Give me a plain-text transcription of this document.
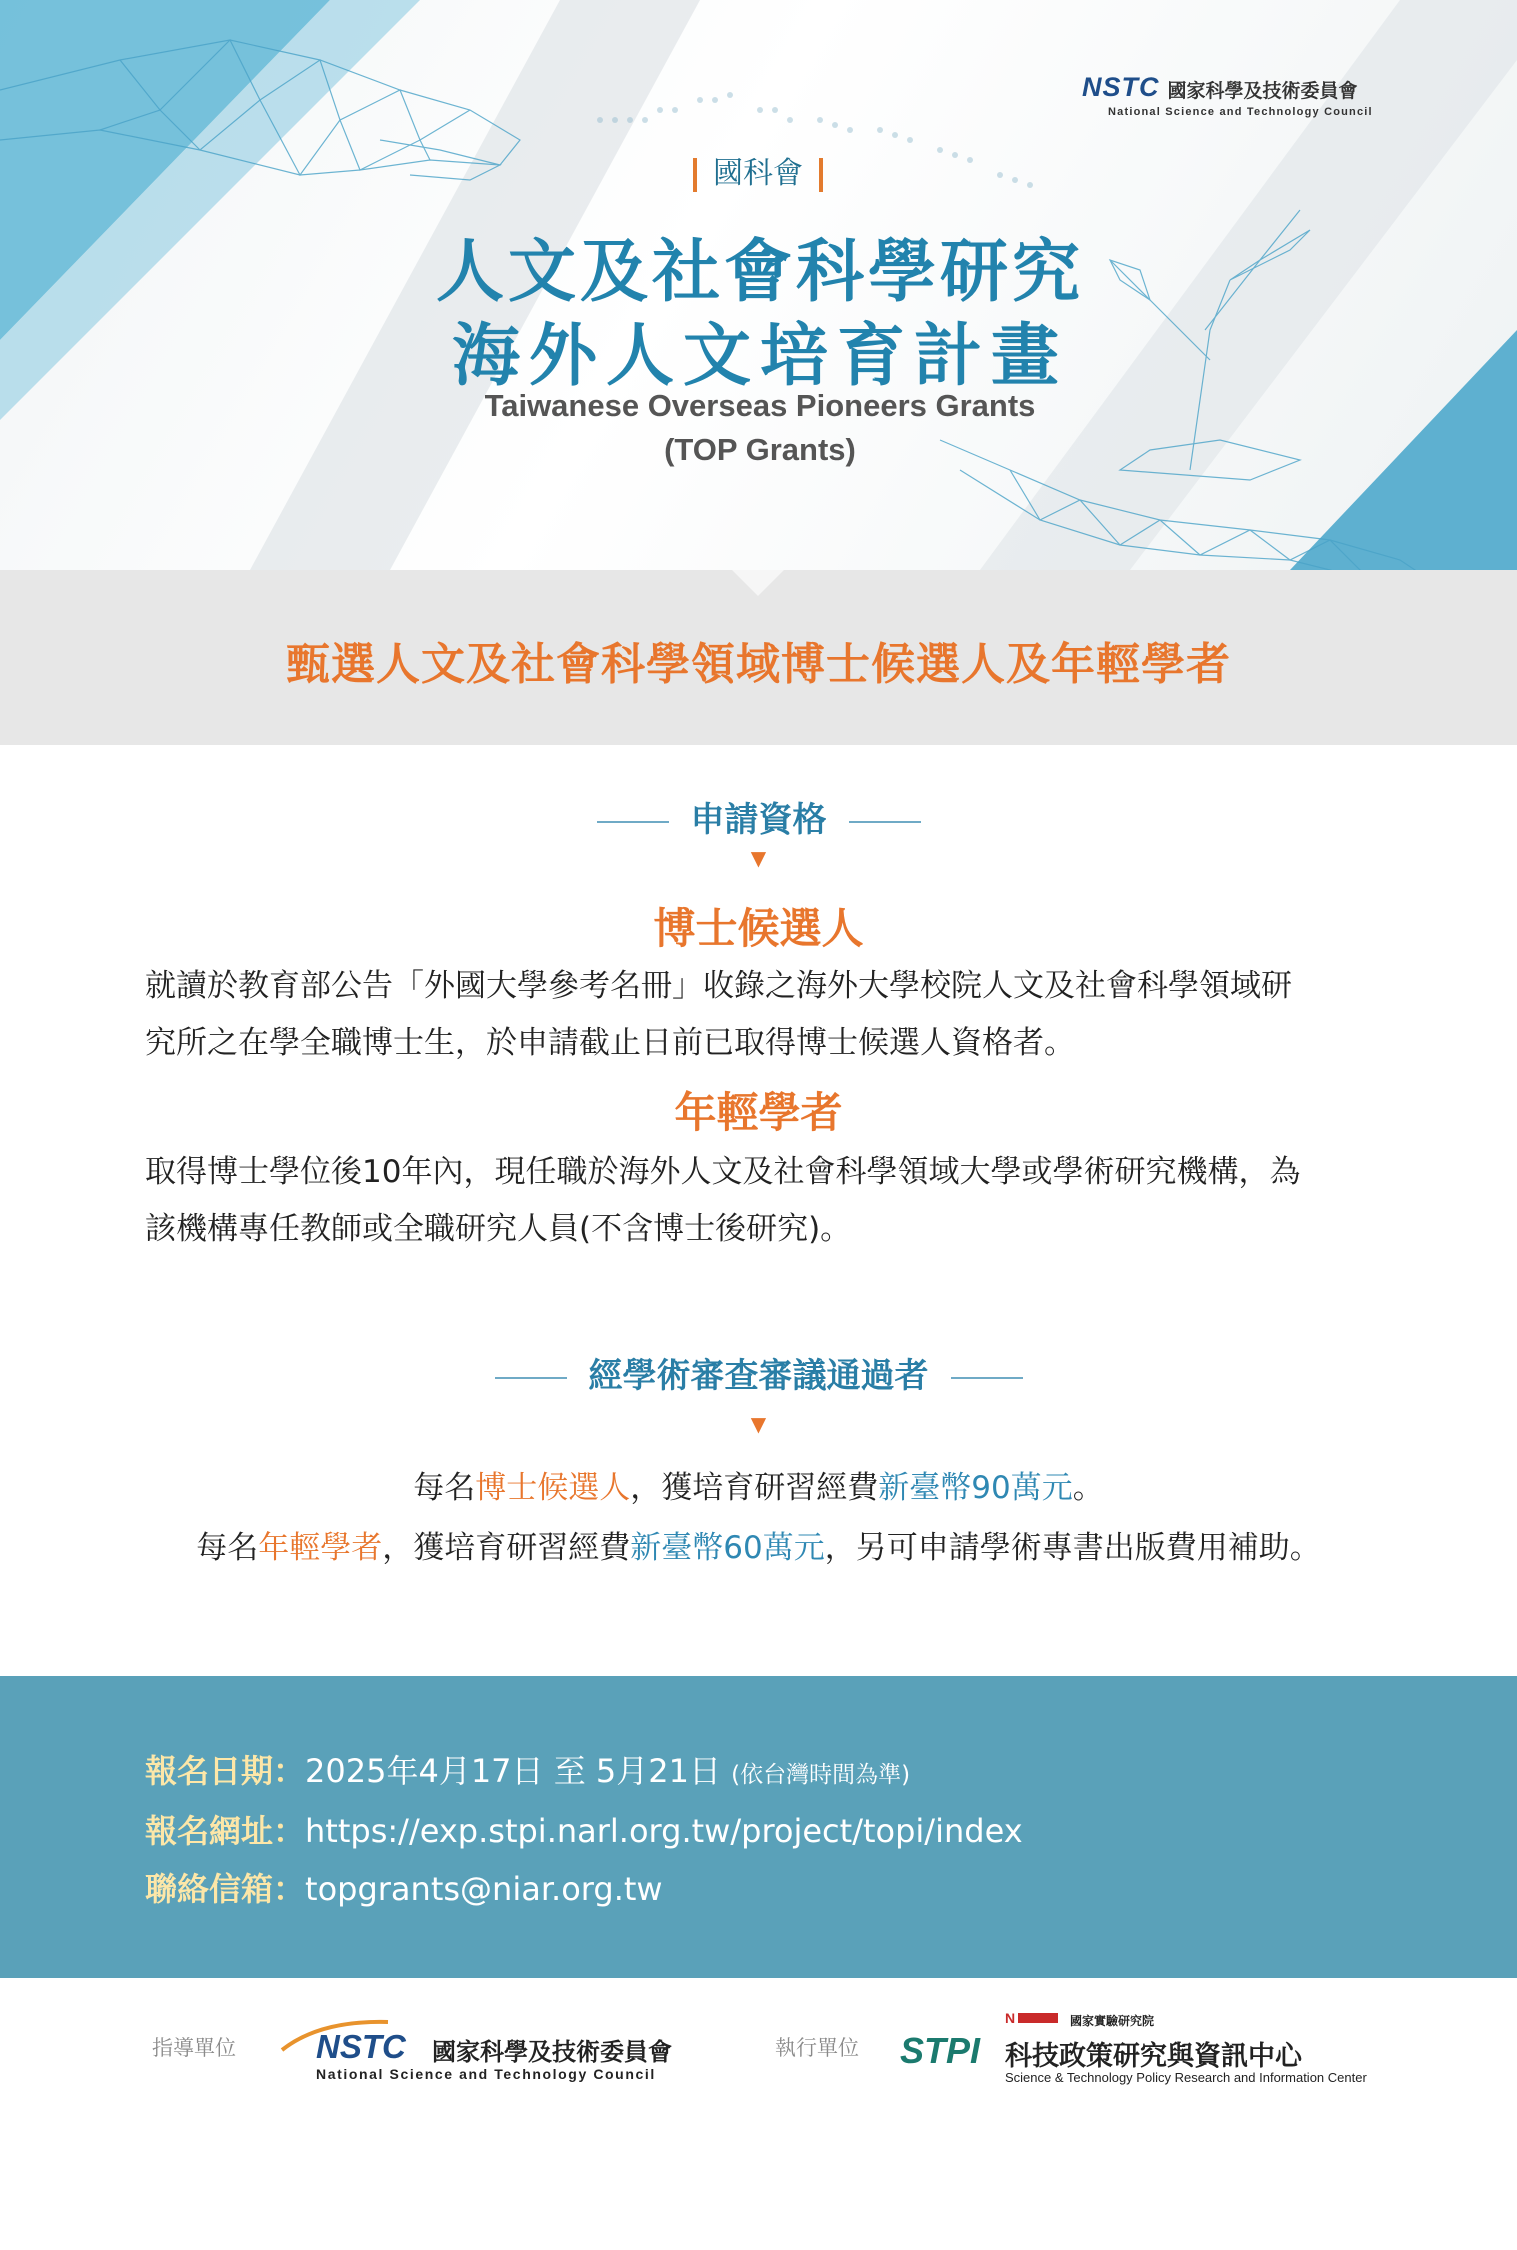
NSTC 國家科學及技術委員會
National Science and Technology Council
國科會
人文及社會科學研究
海外人文培育計畫
Taiwanese Overseas Pioneers Grants
(TOP Grants)
甄選人文及社會科學領域博士候選人及年輕學者
申請資格
▼
博士候選人
就讀於教育部公告「外國大學參考名冊」收錄之海外大學校院人文及社會科學領域研
究所之在學全職博士生，於申請截止日前已取得博士候選人資格者。
年輕學者
取得博士學位後10年內，現任職於海外人文及社會科學領域大學或學術研究機構，為
該機構專任教師或全職研究人員(不含博士後研究)。
經學術審查審議通過者
▼
每名博士候選人，獲培育研習經費新臺幣90萬元。
每名年輕學者，獲培育研習經費新臺幣60萬元，另可申請學術專書出版費用補助。
報名日期：2025年4月17日 至 5月21日 (依台灣時間為準)
報名網址：https://exp.stpi.narl.org.tw/project/topi/index
聯絡信箱：topgrants@niar.org.tw
指導單位 NSTC 國家科學及技術委員會
National Science and Technology Council
執行單位
N	國家實驗研究院
STPI 科技政策研究與資訊中心
Science & Technology Policy Research and Information Center
